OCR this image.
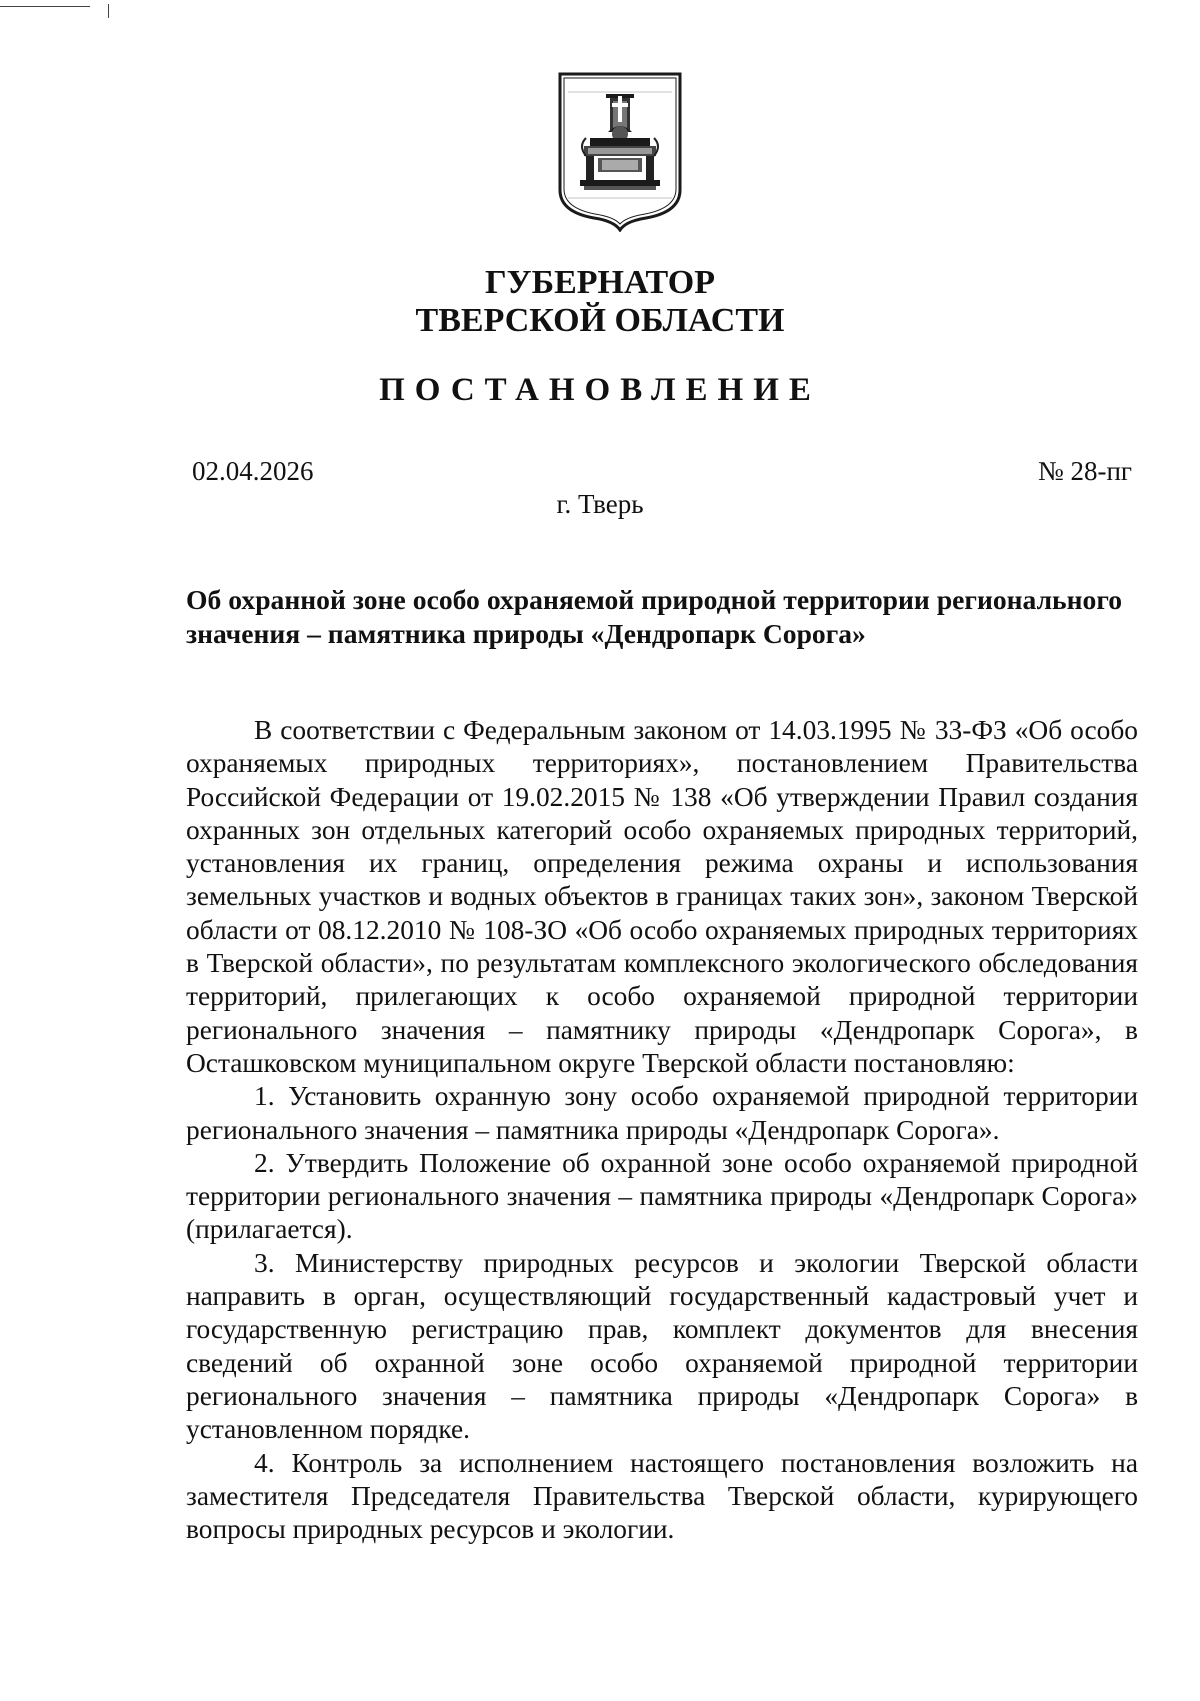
ГУБЕРНАТОР
ТВЕРСКОЙ ОБЛАСТИ
ПОСТАНОВЛЕНИЕ
02.04.2026	№ 28-пг
г. Тверь
Об охранной зоне особо охраняемой природной территории регионального значения – памятника природы «Дендропарк Сорога»

В соответствии с Федеральным законом от 14.03.1995 № 33-ФЗ «Об особо охраняемых природных территориях», постановлением Правительства Российской Федерации от 19.02.2015 № 138 «Об утверждении Правил создания охранных зон отдельных категорий особо охраняемых природных территорий, установления их границ, определения режима охраны и использования земельных участков и водных объектов в границах таких зон», законом Тверской области от 08.12.2010 № 108-ЗО «Об особо охраняемых природных территориях в Тверской области», по результатам комплексного экологического обследования территорий, прилегающих к особо охраняемой природной территории регионального значения – памятнику природы «Дендропарк Сорога», в Осташковском муниципальном округе Тверской области постановляю:

1. Установить охранную зону особо охраняемой природной территории регионального значения – памятника природы «Дендропарк Сорога».

2. Утвердить Положение об охранной зоне особо охраняемой природной территории регионального значения – памятника природы «Дендропарк Сорога» (прилагается).

3. Министерству природных ресурсов и экологии Тверской области направить в орган, осуществляющий государственный кадастровый учет и государственную регистрацию прав, комплект документов для внесения сведений об охранной зоне особо охраняемой природной территории регионального значения – памятника природы «Дендропарк Сорога» в установленном порядке.

4. Контроль за исполнением настоящего постановления возложить на заместителя Председателя Правительства Тверской области, курирующего вопросы природных ресурсов и экологии.
